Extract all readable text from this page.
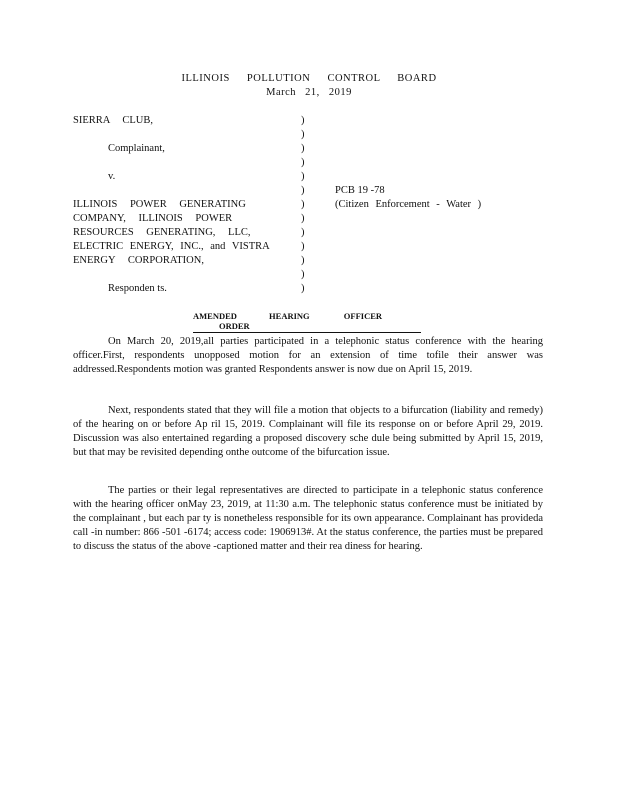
ILLINOIS POLLUTION CONTROL BOARD
March 21, 2019
SIERRA CLUB,
Complainant,
v.
ILLINOIS POWER GENERATING
COMPANY, ILLINOIS POWER
RESOURCES GENERATING, LLC,
ELECTRIC ENERGY, INC., and VISTRA
ENERGY CORPORATION,
Responden ts.
)
)
)
)
)
)
)
)
)
)
)
)
)
PCB 19 -78
(Citizen Enforcement - Water )
AMENDED	HEARING	OFFICER ORDER

On March 20, 2019,all parties participated in a telephonic status conference with the hearing officer.First, respondents unopposed motion for an extension of time tofile their answer was addressed.Respondents motion was granted Respondents answer is now due on April 15, 2019.

Next, respondents stated that they will file a motion that objects to a bifurcation (liability and remedy) of the hearing on or before Ap ril 15, 2019. Complainant will file its response on or before April 29, 2019. Discussion was also entertained regarding a proposed discovery sche dule being submitted by April 15, 2019, but that may be revisited depending onthe outcome of the bifurcation issue.

The parties or their legal representatives are directed to participate in a telephonic status conference with the hearing officer onMay 23, 2019, at 11:30 a.m. The telephonic status conference must be initiated by the complainant , but each par ty is nonetheless responsible for its own appearance. Complainant has provideda call -in number: 866 -501 -6174; access code: 1906913#. At the status conference, the parties must be prepared to discuss the status of the above -captioned matter and their rea diness for hearing.
